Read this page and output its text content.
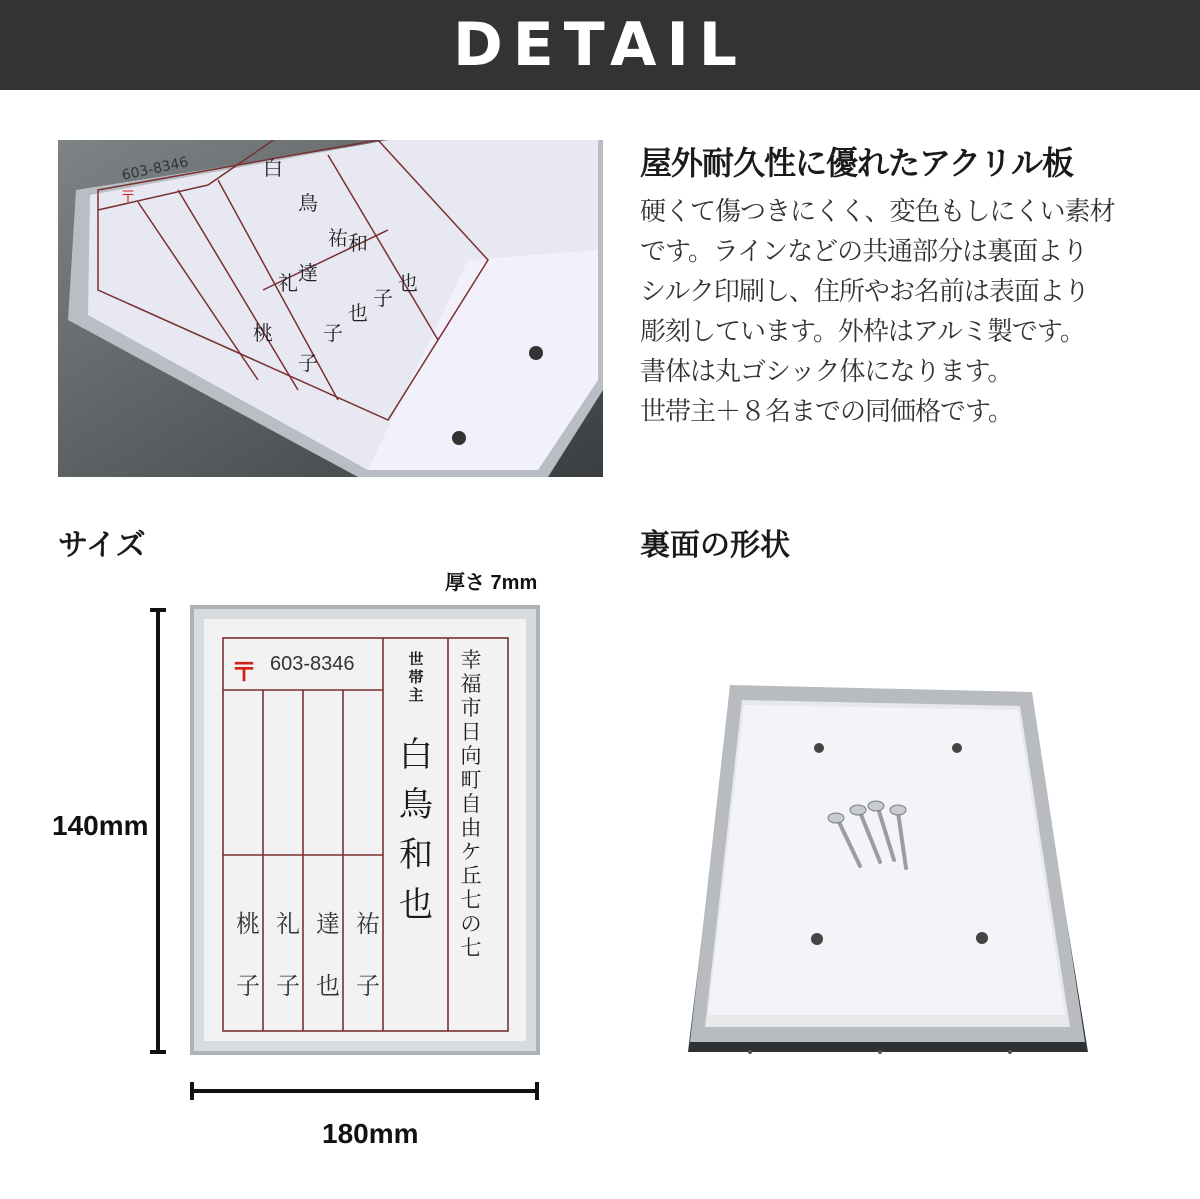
DETAIL
603-8346
〒
白
鳥
和
也
桃
礼 達
祐
子
子
也
子
屋外耐久性に優れたアクリル板
硬くて傷つきにくく、変色もしにくい素材
です。ラインなどの共通部分は裏面より
シルク印刷し、住所やお名前は表面より
彫刻しています。外枠はアルミ製です。
書体は丸ゴシック体になります。
世帯主＋８名までの同価格です。
サイズ
厚さ 7mm
140mm
180mm
〒 603-8346	世帯主
白
鳥
和
也
幸福市日向町自由ケ丘七の七
桃
子
礼
子
達
也
祐
子
裏面の形状
